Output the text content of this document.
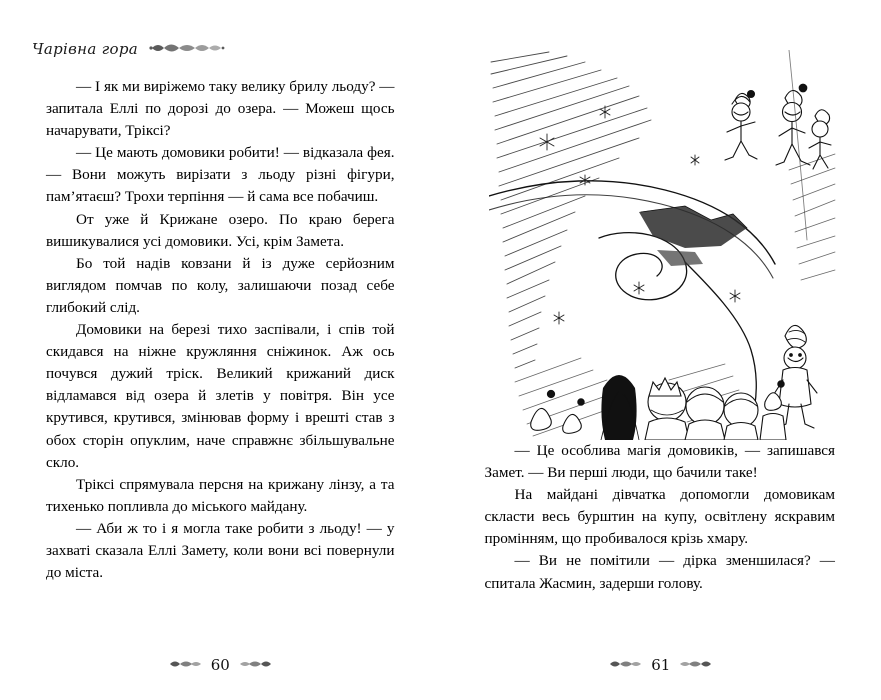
Чарівна гора

— І як ми виріжемо таку велику брилу льоду? — запитала Еллі по дорозі до озера. — Можеш щось начарувати, Тріксі?

— Це мають домовики робити! — відказала фея. — Вони можуть вирізати з льоду різні фігури, пам’ятаєш? Трохи терпіння — й сама все побачиш.

От уже й Крижане озеро. По краю берега вишикувалися усі домовики. Усі, крім Замета.

Бо той надів ковзани й із дуже серйозним виглядом помчав по колу, залишаючи позад себе глибокий слід.

Домовики на березі тихо заспівали, і спів той скидався на ніжне кружляння сніжинок. Аж ось почувся дужий тріск. Великий крижаний диск відламався від озера й злетів у повітря. Він усе крутився, крутився, змінював форму і врешті став з обох сторін опуклим, наче справжнє збільшувальне скло.

Тріксі спрямувала персня на крижану лінзу, а та тихенько попливла до міського майдану.

— Аби ж то і я могла таке робити з льоду! — у захваті сказала Еллі Замету, коли вони всі повернули до міста.

60

— Це особлива магія домовиків, — запишався Замет. — Ви перші люди, що бачили таке!

На майдані дівчатка допомогли домовикам скласти весь бурштин на купу, освітлену яскравим промінням, що пробивалося крізь хмару.

— Ви не помітили — дірка зменшилася? — спитала Жасмин, задерши голову.

61
